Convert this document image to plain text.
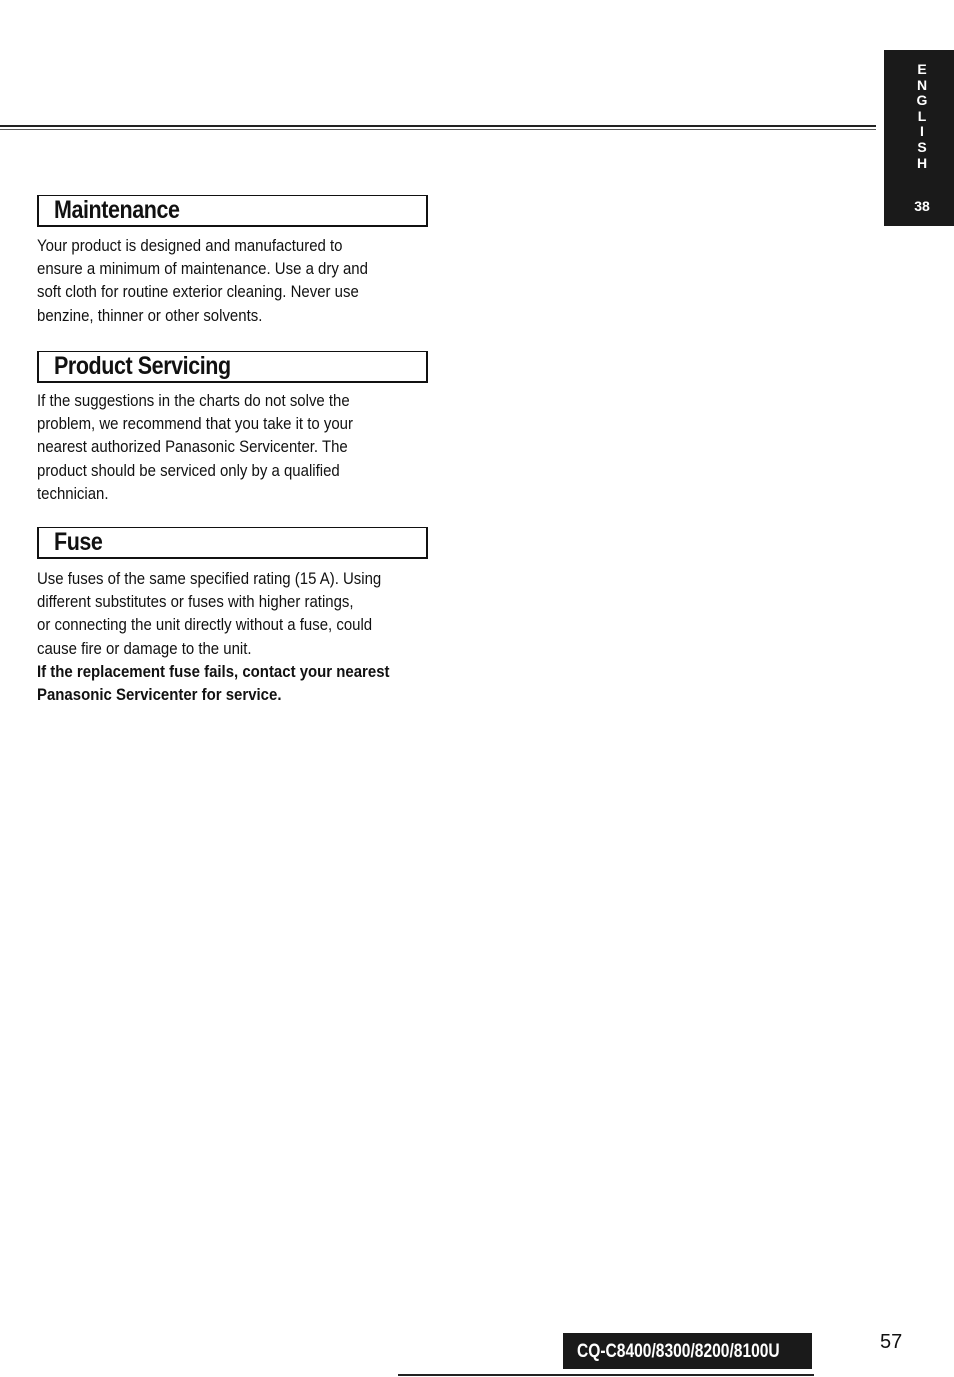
E
N
G
L
I
S
H
38
Maintenance
Your product is designed and manufactured to
ensure a minimum of maintenance. Use a dry and
soft cloth for routine exterior cleaning. Never use
benzine, thinner or other solvents.
Product Servicing
If the suggestions in the charts do not solve the
problem, we recommend that you take it to your
nearest authorized Panasonic Servicenter. The
product should be serviced only by a qualified
technician.
Fuse
Use fuses of the same specified rating (15 A). Using
different substitutes or fuses with higher ratings,
or connecting the unit directly without a fuse, could
cause fire or damage to the unit.
If the replacement fuse fails, contact your nearest
Panasonic Servicenter for service.
CQ-C8400/8300/8200/8100U	57
